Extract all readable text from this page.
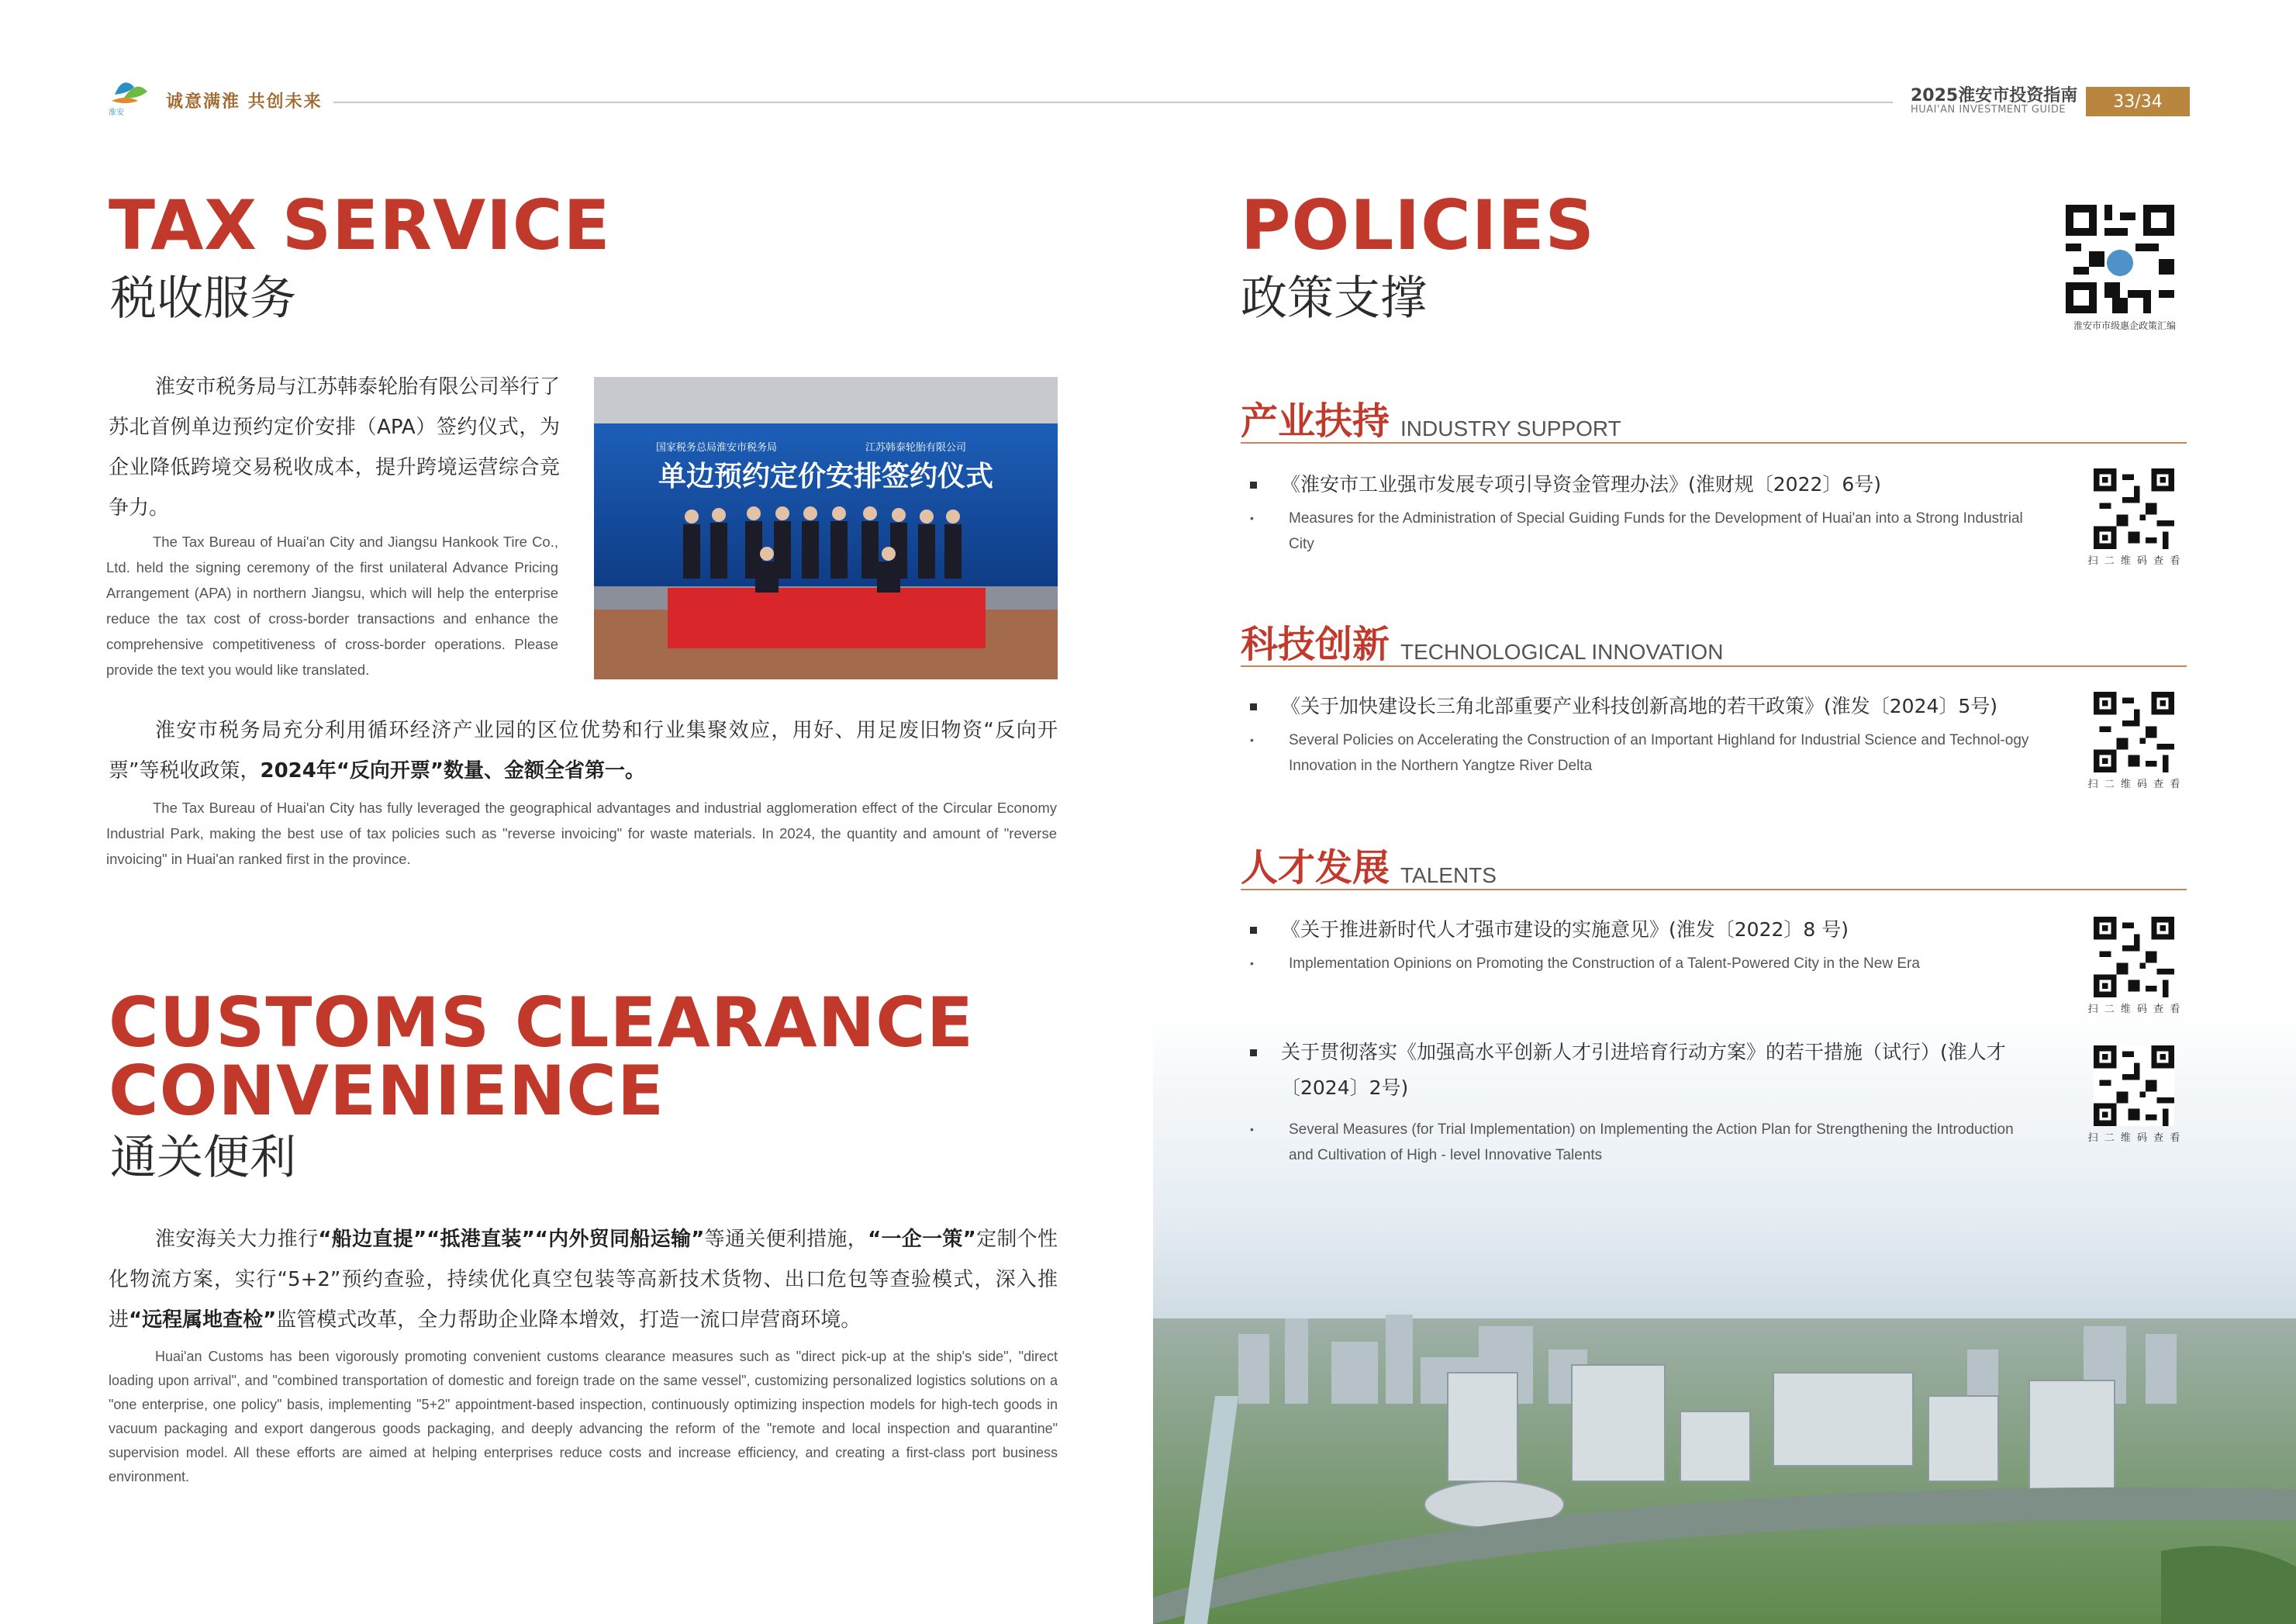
淮安
诚意满淮 共创未来	2025淮安市投资指南
HUAI'AN INVESTMENT GUIDE	33/34
TAX SERVICE
税收服务
淮安市税务局与江苏韩泰轮胎有限公司举行了苏北首例单边预约定价安排（APA）签约仪式，为企业降低跨境交易税收成本，提升跨境运营综合竞争力。
The Tax Bureau of Huai'an City and Jiangsu Hankook Tire Co., Ltd. held the signing ceremony of the first unilateral Advance Pricing Arrangement (APA) in northern Jiangsu, which will help the enterprise reduce the tax cost of cross-border transactions and enhance the comprehensive competitiveness of cross-border operations. Please provide the text you would like translated.
国家税务总局淮安市税务局	江苏韩泰轮胎有限公司
单边预约定价安排签约仪式
淮安市税务局充分利用循环经济产业园的区位优势和行业集聚效应，用好、用足废旧物资“反向开票”等税收政策，2024年“反向开票”数量、金额全省第一。
The Tax Bureau of Huai'an City has fully leveraged the geographical advantages and industrial agglomeration effect of the Circular Economy Industrial Park, making the best use of tax policies such as "reverse invoicing" for waste materials. In 2024, the quantity and amount of "reverse invoicing" in Huai'an ranked first in the province.
CUSTOMS CLEARANCE
CONVENIENCE
通关便利
淮安海关大力推行“船边直提”“抵港直装”“内外贸同船运输”等通关便利措施，“一企一策”定制个性化物流方案，实行“5+2”预约查验，持续优化真空包装等高新技术货物、出口危包等查验模式，深入推进“远程属地查检”监管模式改革，全力帮助企业降本增效，打造一流口岸营商环境。
Huai'an Customs has been vigorously promoting convenient customs clearance measures such as "direct pick-up at the ship's side", "direct loading upon arrival", and "combined transportation of domestic and foreign trade on the same vessel", customizing personalized logistics solutions on a "one enterprise, one policy" basis, implementing "5+2" appointment-based inspection, continuously optimizing inspection models for high-tech goods in vacuum packaging and export dangerous goods packaging, and deeply advancing the reform of the "remote and local inspection and quarantine" supervision model. All these efforts are aimed at helping enterprises reduce costs and increase efficiency, and creating a first-class port business environment.
POLICIES
政策支撑	淮安市市级惠企政策汇编
产业扶持 INDUSTRY SUPPORT
《淮安市工业强市发展专项引导资金管理办法》(淮财规〔2022〕6号)
• Measures for the Administration of Special Guiding Funds for the Development of Huai'an into a Strong Industrial City
科技创新 TECHNOLOGICAL INNOVATION
《关于加快建设长三角北部重要产业科技创新高地的若干政策》(淮发〔2024〕5号)
• Several Policies on Accelerating the Construction of an Important Highland for Industrial Science and Technol-ogy Innovation in the Northern Yangtze River Delta
人才发展 TALENTS
《关于推进新时代人才强市建设的实施意见》(淮发〔2022〕8 号)
• Implementation Opinions on Promoting the Construction of a Talent-Powered City in the New Era
关于贯彻落实《加强高水平创新人才引进培育行动方案》的若干措施（试行）(淮人才〔2024〕2号)
• Several Measures (for Trial Implementation) on Implementing the Action Plan for Strengthening the Introduction and Cultivation of High - level Innovative Talents
扫 二 维 码 查 看
扫 二 维 码 查 看
扫 二 维 码 查 看
扫 二 维 码 查 看
